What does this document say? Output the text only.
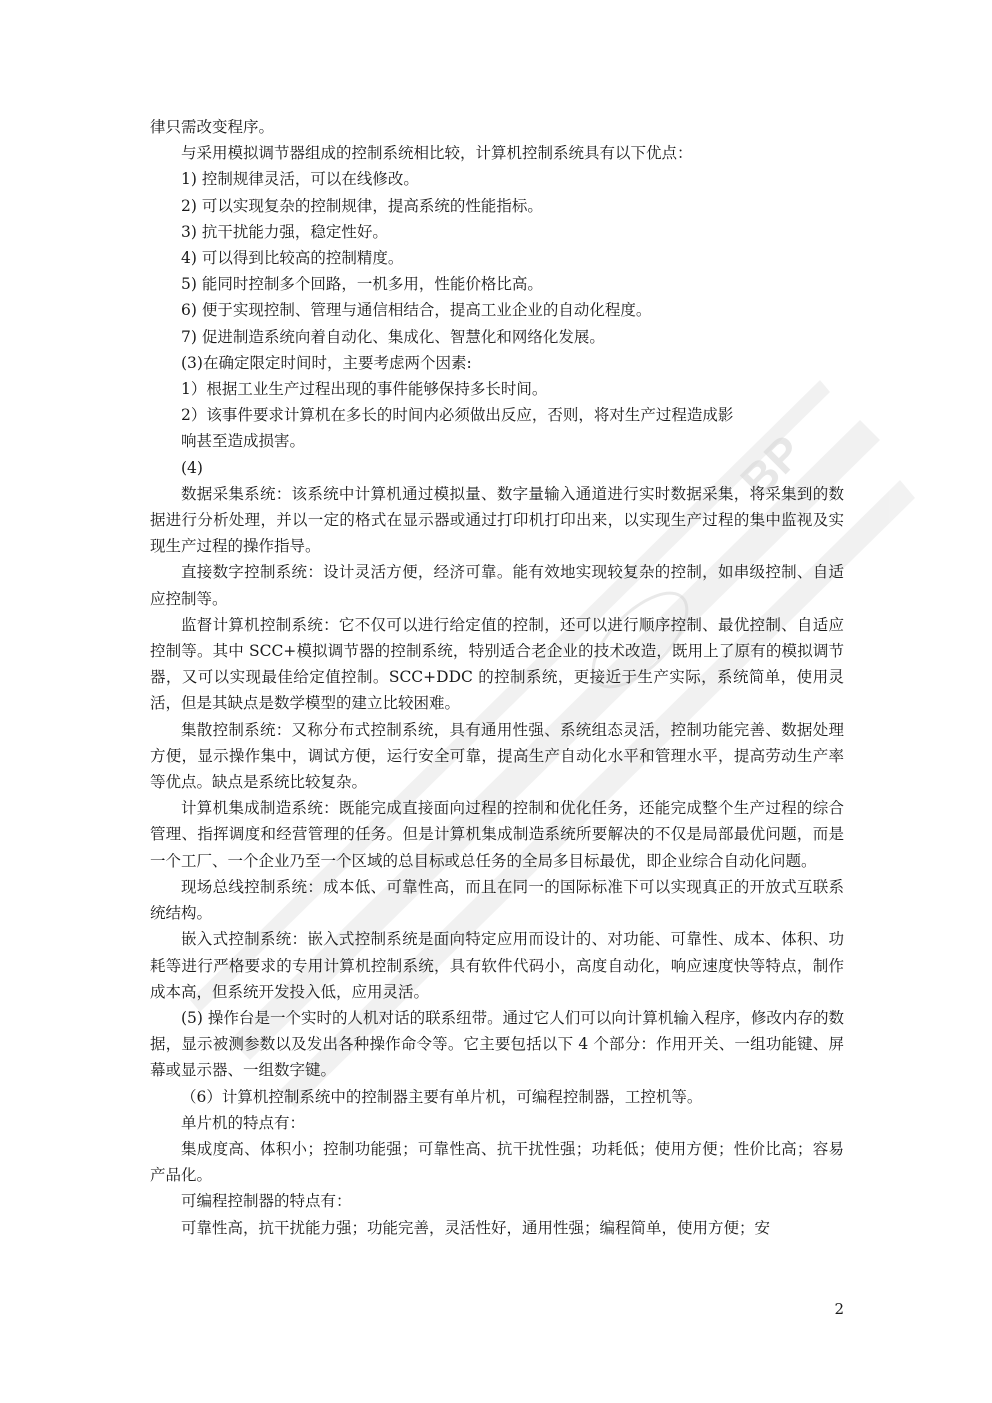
BP

律只需改变程序。

与采用模拟调节器组成的控制系统相比较，计算机控制系统具有以下优点：

1) 控制规律灵活，可以在线修改。

2) 可以实现复杂的控制规律，提高系统的性能指标。

3) 抗干扰能力强，稳定性好。

4) 可以得到比较高的控制精度。

5) 能同时控制多个回路，一机多用，性能价格比高。

6) 便于实现控制、管理与通信相结合，提高工业企业的自动化程度。

7) 促进制造系统向着自动化、集成化、智慧化和网络化发展。

(3)在确定限定时间时，主要考虑两个因素:

1）根据工业生产过程出现的事件能够保持多长时间。

2）该事件要求计算机在多长的时间内必须做出反应，否则，将对生产过程造成影

响甚至造成损害。

(4)

数据采集系统：该系统中计算机通过模拟量、数字量输入通道进行实时数据采集，将采集到的数据进行分析处理，并以一定的格式在显示器或通过打印机打印出来，以实现生产过程的集中监视及实现生产过程的操作指导。

直接数字控制系统：设计灵活方便，经济可靠。能有效地实现较复杂的控制，如串级控制、自适应控制等。

监督计算机控制系统：它不仅可以进行给定值的控制，还可以进行顺序控制、最优控制、自适应控制等。其中 SCC+模拟调节器的控制系统，特别适合老企业的技术改造，既用上了原有的模拟调节器，又可以实现最佳给定值控制。SCC+DDC 的控制系统，更接近于生产实际，系统简单，使用灵活，但是其缺点是数学模型的建立比较困难。

集散控制系统：又称分布式控制系统，具有通用性强、系统组态灵活，控制功能完善、数据处理方便，显示操作集中，调试方便，运行安全可靠，提高生产自动化水平和管理水平，提高劳动生产率等优点。缺点是系统比较复杂。

计算机集成制造系统：既能完成直接面向过程的控制和优化任务，还能完成整个生产过程的综合管理、指挥调度和经营管理的任务。但是计算机集成制造系统所要解决的不仅是局部最优问题，而是一个工厂、一个企业乃至一个区域的总目标或总任务的全局多目标最优，即企业综合自动化问题。

现场总线控制系统：成本低、可靠性高，而且在同一的国际标准下可以实现真正的开放式互联系统结构。

嵌入式控制系统：嵌入式控制系统是面向特定应用而设计的、对功能、可靠性、成本、体积、功耗等进行严格要求的专用计算机控制系统，具有软件代码小，高度自动化，响应速度快等特点，制作成本高，但系统开发投入低，应用灵活。

(5) 操作台是一个实时的人机对话的联系纽带。通过它人们可以向计算机输入程序，修改内存的数据，显示被测参数以及发出各种操作命令等。它主要包括以下 4 个部分：作用开关、一组功能键、屏幕或显示器、一组数字键。

（6）计算机控制系统中的控制器主要有单片机，可编程控制器，工控机等。

单片机的特点有：

集成度高、体积小；控制功能强；可靠性高、抗干扰性强；功耗低；使用方便；性价比高；容易产品化。

可编程控制器的特点有：

可靠性高，抗干扰能力强；功能完善，灵活性好，通用性强；编程简单，使用方便；安

2
